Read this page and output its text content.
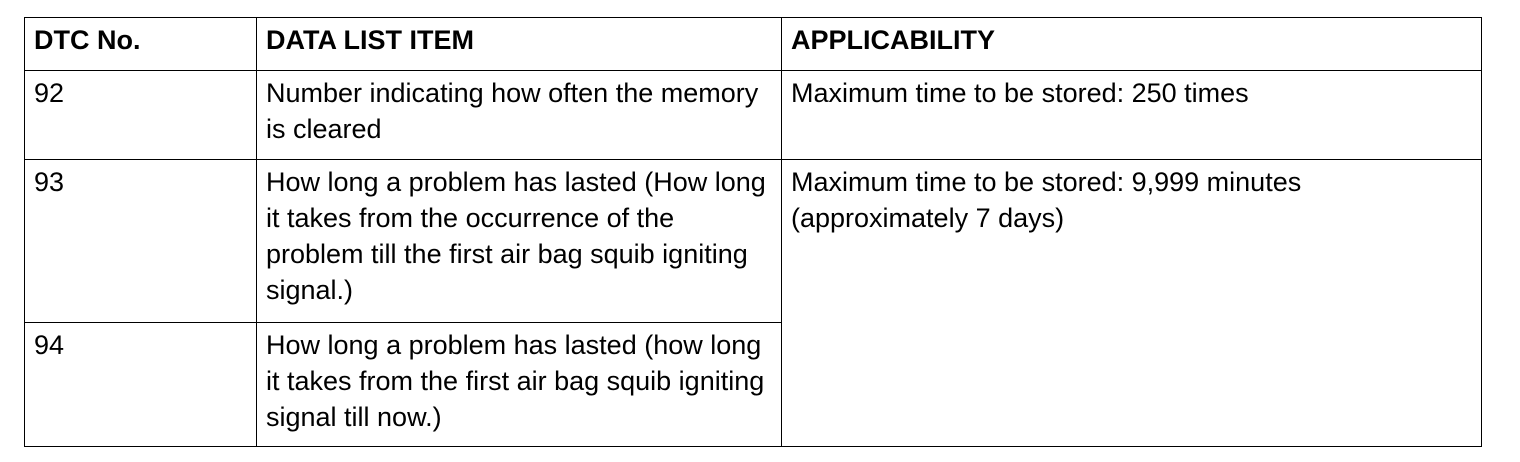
DTC No.	DATA LIST ITEM	APPLICABILITY
92	Number indicating how often the memory is cleared	Maximum time to be stored: 250 times
93	How long a problem has lasted (How long it takes from the occurrence of the problem till the first air bag squib igniting signal.)	Maximum time to be stored: 9,999 minutes (approximately 7 days)
94	How long a problem has lasted (how long it takes from the first air bag squib igniting signal till now.)	
